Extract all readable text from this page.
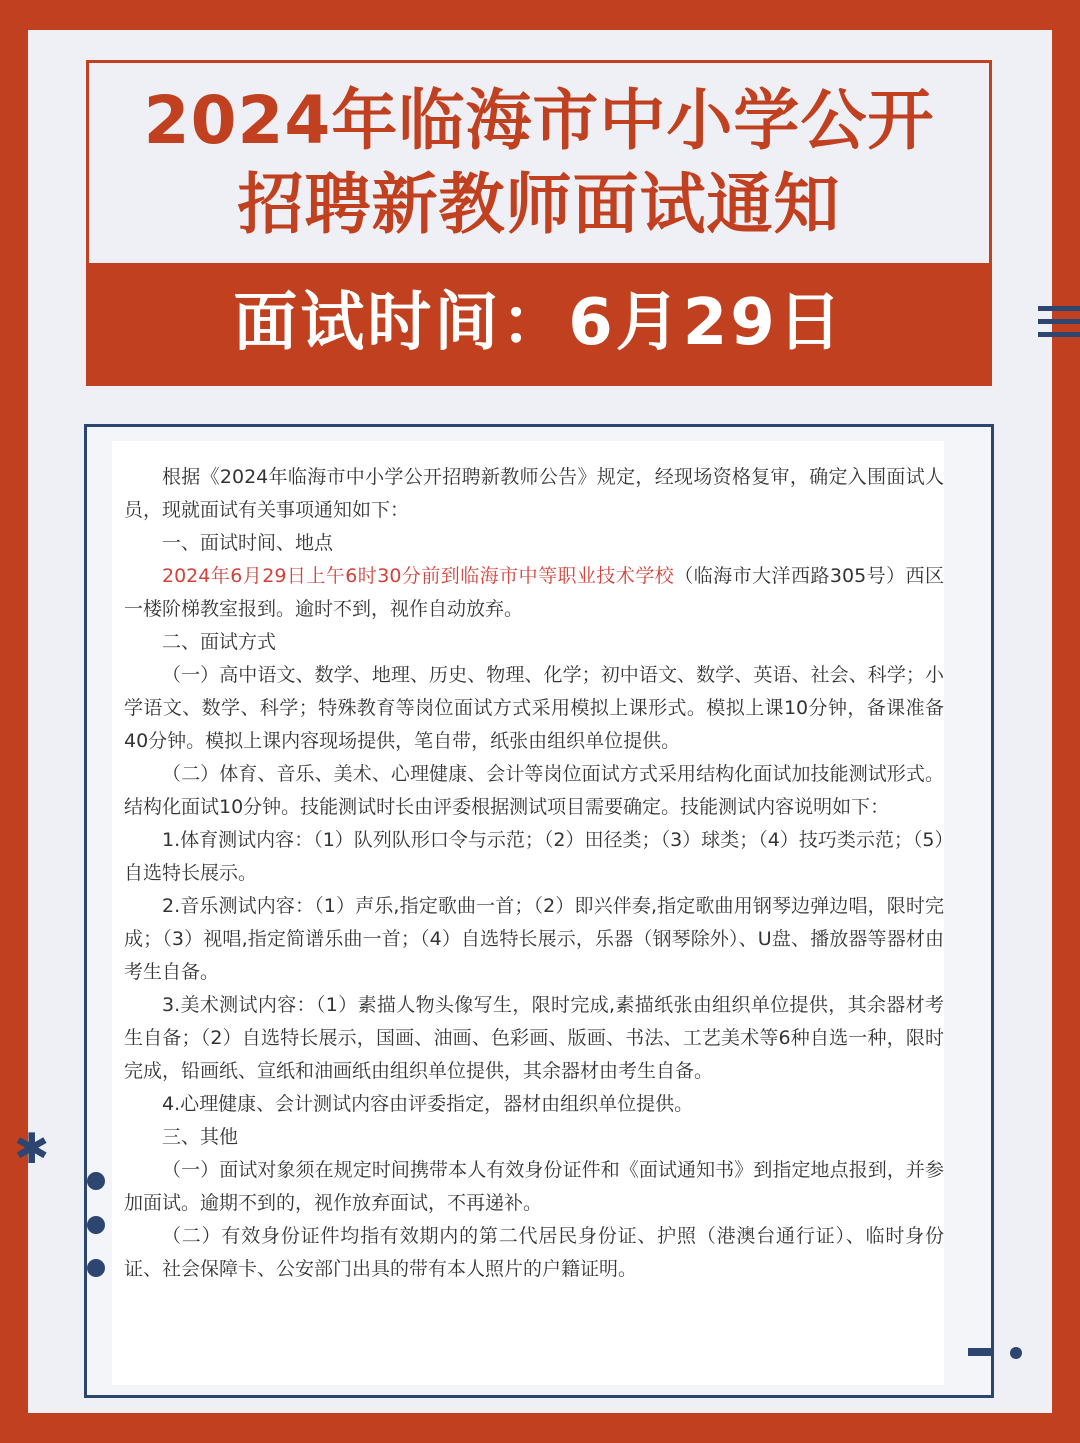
2024年临海市中小学公开
招聘新教师面试通知
面试时间：6月29日

根据《2024年临海市中小学公开招聘新教师公告》规定，经现场资格复审，确定入围面试人员，现就面试有关事项通知如下：

一、面试时间、地点

2024年6月29日上午6时30分前到临海市中等职业技术学校（临海市大洋西路305号）西区一楼阶梯教室报到。逾时不到，视作自动放弃。

二、面试方式

（一）高中语文、数学、地理、历史、物理、化学；初中语文、数学、英语、社会、科学；小学语文、数学、科学；特殊教育等岗位面试方式采用模拟上课形式。模拟上课10分钟，备课准备40分钟。模拟上课内容现场提供，笔自带，纸张由组织单位提供。

（二）体育、音乐、美术、心理健康、会计等岗位面试方式采用结构化面试加技能测试形式。结构化面试10分钟。技能测试时长由评委根据测试项目需要确定。技能测试内容说明如下：

1.体育测试内容：（1）队列队形口令与示范；（2）田径类；（3）球类；（4）技巧类示范；（5）自选特长展示。

2.音乐测试内容：（1）声乐,指定歌曲一首；（2）即兴伴奏,指定歌曲用钢琴边弹边唱，限时完成；（3）视唱,指定简谱乐曲一首；（4）自选特长展示，乐器（钢琴除外）、U盘、播放器等器材由考生自备。

3.美术测试内容：（1）素描人物头像写生，限时完成,素描纸张由组织单位提供，其余器材考生自备；（2）自选特长展示，国画、油画、色彩画、版画、书法、工艺美术等6种自选一种，限时完成，铅画纸、宣纸和油画纸由组织单位提供，其余器材由考生自备。

4.心理健康、会计测试内容由评委指定，器材由组织单位提供。

三、其他

（一）面试对象须在规定时间携带本人有效身份证件和《面试通知书》到指定地点报到，并参加面试。逾期不到的，视作放弃面试，不再递补。

（二）有效身份证件均指有效期内的第二代居民身份证、护照（港澳台通行证）、临时身份证、社会保障卡、公安部门出具的带有本人照片的户籍证明。

✱
